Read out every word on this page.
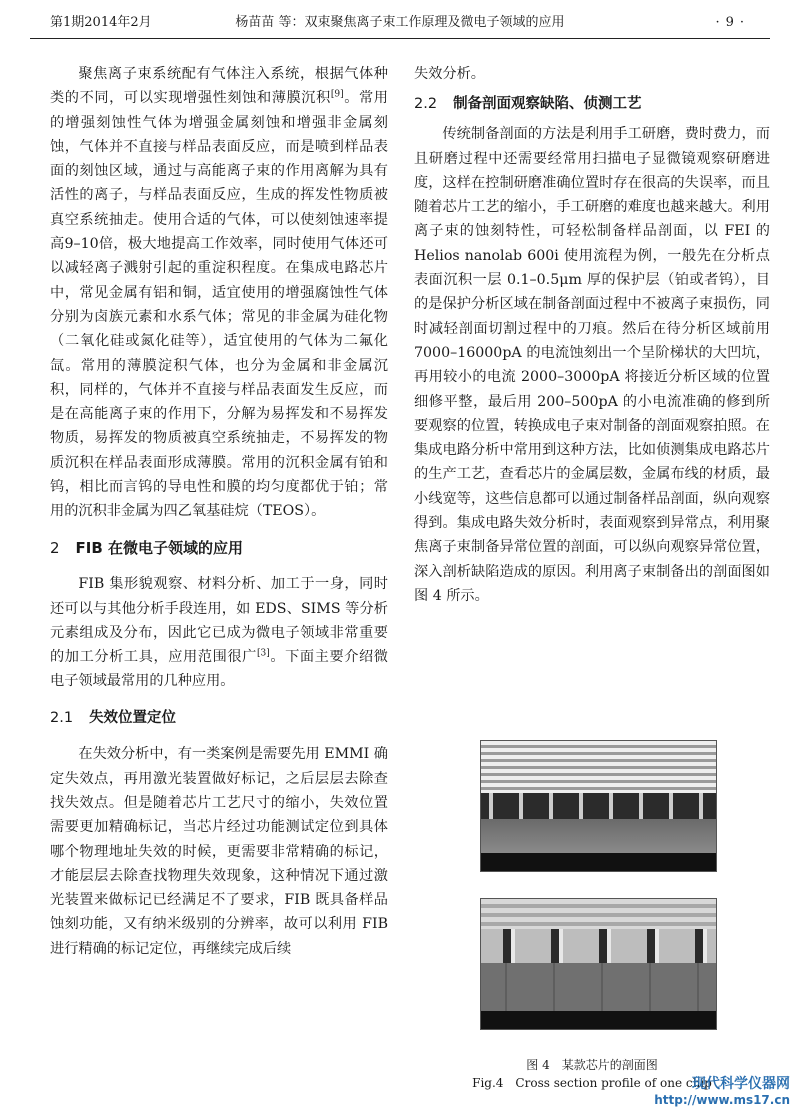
第1期2014年2月	杨苗苗 等：双束聚焦离子束工作原理及微电子领域的应用	·9·

聚焦离子束系统配有气体注入系统，根据气体种类的不同，可以实现增强性刻蚀和薄膜沉积[9]。常用的增强刻蚀性气体为增强金属刻蚀和增强非金属刻蚀，气体并不直接与样品表面反应，而是喷到样品表面的刻蚀区域，通过与高能离子束的作用离解为具有活性的离子，与样品表面反应，生成的挥发性物质被真空系统抽走。使用合适的气体，可以使刻蚀速率提高9–10倍，极大地提高工作效率，同时使用气体还可以减轻离子溅射引起的重淀积程度。在集成电路芯片中，常见金属有铝和铜，适宜使用的增强腐蚀性气体分别为卤族元素和水系气体；常见的非金属为硅化物（二氧化硅或氮化硅等），适宜使用的气体为二氟化氙。常用的薄膜淀积气体，也分为金属和非金属沉积，同样的，气体并不直接与样品表面发生反应，而是在高能离子束的作用下，分解为易挥发和不易挥发物质，易挥发的物质被真空系统抽走，不易挥发的物质沉积在样品表面形成薄膜。常用的沉积金属有铂和钨，相比而言钨的导电性和膜的均匀度都优于铂；常用的沉积非金属为四乙氧基硅烷（TEOS）。

2 FIB 在微电子领域的应用

FIB 集形貌观察、材料分析、加工于一身，同时还可以与其他分析手段连用，如 EDS、SIMS 等分析元素组成及分布，因此它已成为微电子领域非常重要的加工分析工具，应用范围很广[3]。下面主要介绍微电子领域最常用的几种应用。

2.1 失效位置定位

在失效分析中，有一类案例是需要先用 EMMI 确定失效点，再用激光装置做好标记，之后层层去除查找失效点。但是随着芯片工艺尺寸的缩小，失效位置需要更加精确标记，当芯片经过功能测试定位到具体哪个物理地址失效的时候，更需要非常精确的标记，才能层层去除查找物理失效现象，这种情况下通过激光装置来做标记已经满足不了要求，FIB 既具备样品蚀刻功能，又有纳米级别的分辨率，故可以利用 FIB 进行精确的标记定位，再继续完成后续

失效分析。

2.2 制备剖面观察缺陷、侦测工艺

传统制备剖面的方法是利用手工研磨，费时费力，而且研磨过程中还需要经常用扫描电子显微镜观察研磨进度，这样在控制研磨准确位置时存在很高的失误率，而且随着芯片工艺的缩小，手工研磨的难度也越来越大。利用离子束的蚀刻特性，可轻松制备样品剖面，以 FEI 的 Helios nanolab 600i 使用流程为例，一般先在分析点表面沉积一层 0.1–0.5μm 厚的保护层（铂或者钨），目的是保护分析区域在制备剖面过程中不被离子束损伤，同时减轻剖面切割过程中的刀痕。然后在待分析区域前用 7000–16000pA 的电流蚀刻出一个呈阶梯状的大凹坑，再用较小的电流 2000–3000pA 将接近分析区域的位置细修平整，最后用 200–500pA 的小电流准确的修到所要观察的位置，转换成电子束对制备的剖面观察拍照。在集成电路分析中常用到这种方法，比如侦测集成电路芯片的生产工艺，查看芯片的金属层数，金属布线的材质，最小线宽等，这些信息都可以通过制备样品剖面，纵向观察得到。集成电路失效分析时，表面观察到异常点，利用聚焦离子束制备异常位置的剖面，可以纵向观察异常位置，深入剖析缺陷造成的原因。利用离子束制备出的剖面图如图 4 所示。

图 4　某款芯片的剖面图
Fig.4　Cross section profile of one chip
现代科学仪器网
http://www.ms17.cn
